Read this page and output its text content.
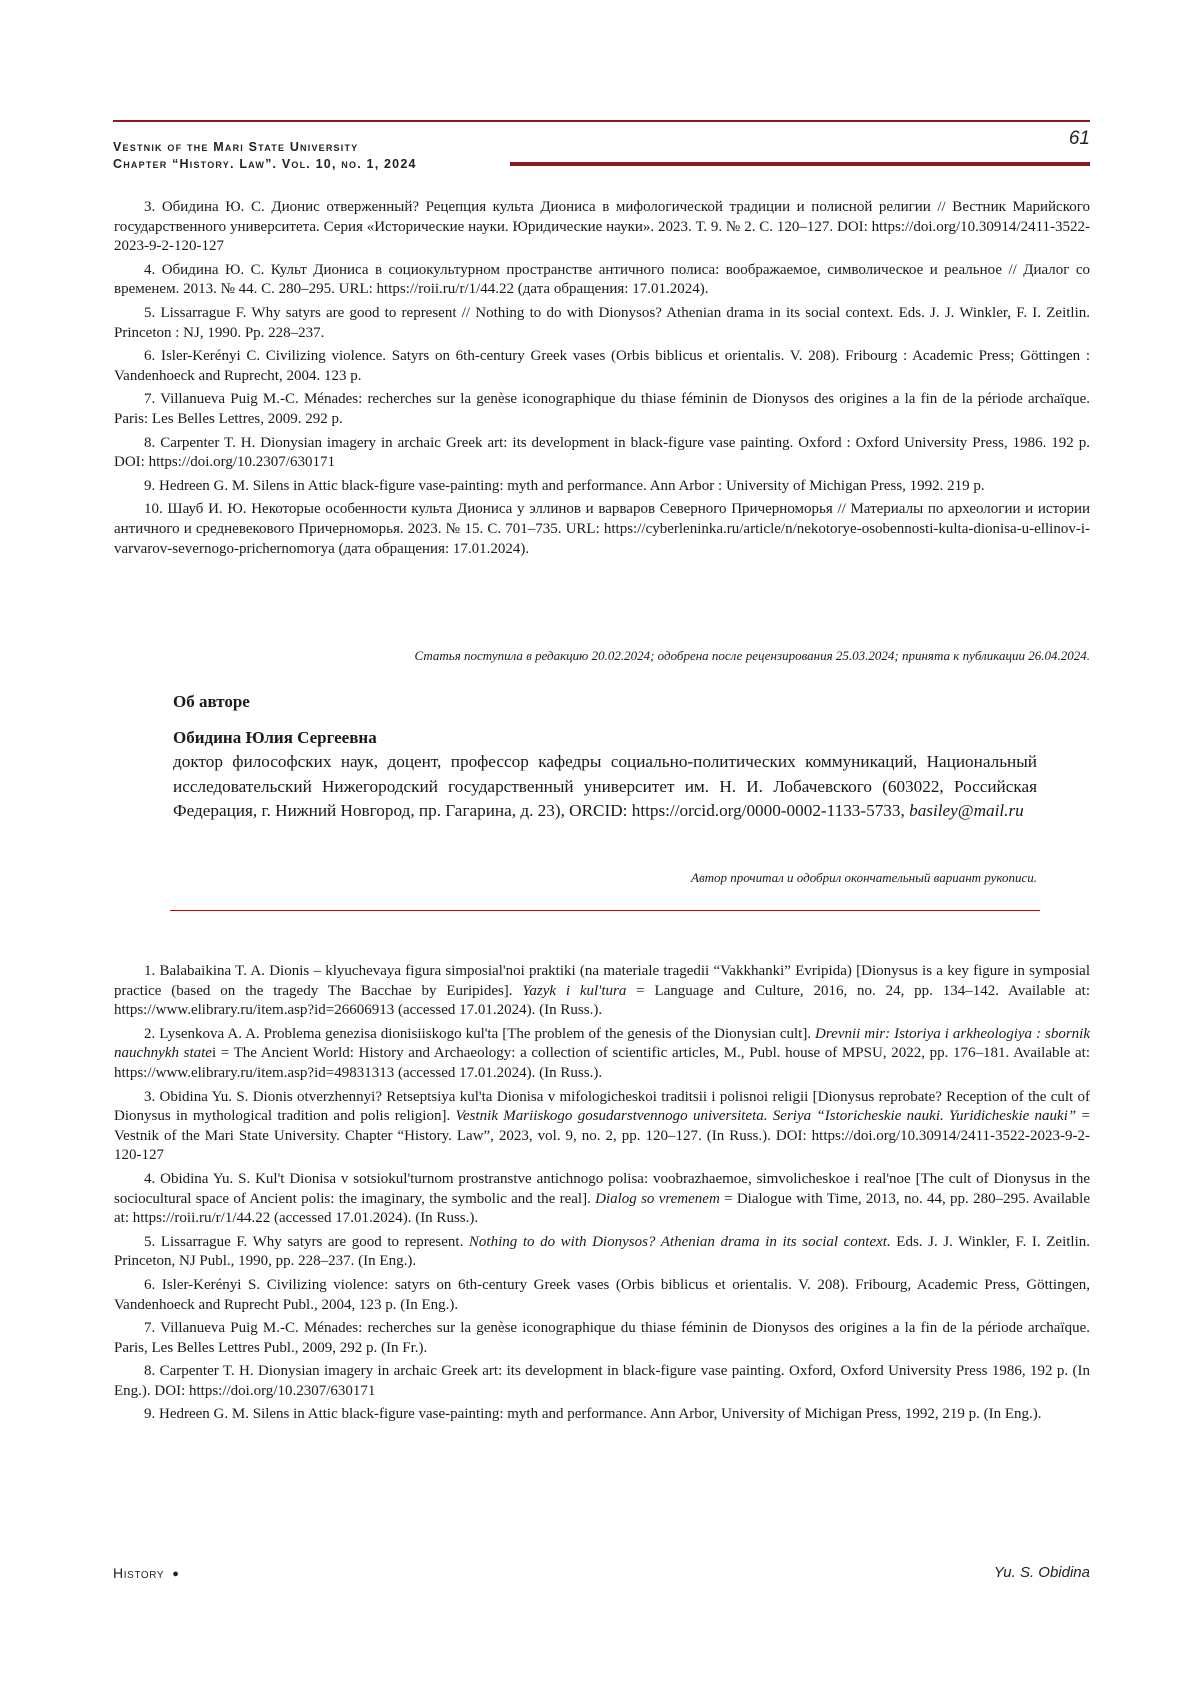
Vestnik of the Mari State University
Chapter “History. Law”. Vol. 10, no. 1, 2024
61

3. Обидина Ю. С. Дионис отверженный? Рецепция культа Диониса в мифологической традиции и полисной религии // Вестник Марийского государственного университета. Серия «Исторические науки. Юридические науки». 2023. Т. 9. № 2. С. 120–127. DOI: https://doi.org/10.30914/2411-3522-2023-9-2-120-127

4. Обидина Ю. С. Культ Диониса в социокультурном пространстве античного полиса: воображаемое, символическое и реальное // Диалог со временем. 2013. № 44. С. 280–295. URL: https://roii.ru/r/1/44.22 (дата обращения: 17.01.2024).

5. Lissarrague F. Why satyrs are good to represent // Nothing to do with Dionysos? Athenian drama in its social context. Eds. J. J. Winkler, F. I. Zeitlin. Princeton : NJ, 1990. Pp. 228–237.

6. Isler-Kerényi C. Civilizing violence. Satyrs on 6th-century Greek vases (Orbis biblicus et orientalis. V. 208). Fribourg : Academic Press; Göttingen : Vandenhoeck and Ruprecht, 2004. 123 p.

7. Villanueva Puig M.-C. Ménades: recherches sur la genèse iconographique du thiase féminin de Dionysos des origines a la fin de la période archaïque. Paris: Les Belles Lettres, 2009. 292 p.

8. Carpenter T. H. Dionysian imagery in archaic Greek art: its development in black-figure vase painting. Oxford : Oxford University Press, 1986. 192 p. DOI: https://doi.org/10.2307/630171

9. Hedreen G. M. Silens in Attic black-figure vase-painting: myth and performance. Ann Arbor : University of Michigan Press, 1992. 219 p.

10. Шауб И. Ю. Некоторые особенности культа Диониса у эллинов и варваров Северного Причерноморья // Материалы по археологии и истории античного и средневекового Причерноморья. 2023. № 15. С. 701–735. URL: https://cyberleninka.ru/article/n/nekotorye-osobennosti-kulta-dionisa-u-ellinov-i-varvarov-severnogo-prichernomorya (дата обращения: 17.01.2024).

Статья поступила в редакцию 20.02.2024; одобрена после рецензирования 25.03.2024; принята к публикации 26.04.2024.
Об авторе
Обидина Юлия Сергеевна
доктор философских наук, доцент, профессор кафедры социально-политических коммуникаций, Национальный исследовательский Нижегородский государственный университет им. Н. И. Лобачевского (603022, Российская Федерация, г. Нижний Новгород, пр. Гагарина, д. 23), ORCID: https://orcid.org/0000-0002-1133-5733, basiley@mail.ru
Автор прочитал и одобрил окончательный вариант рукописи.

1. Balabaikina T. A. Dionis – klyuchevaya figura simposial'noi praktiki (na materiale tragedii “Vakkhanki” Evripida) [Dionysus is a key figure in symposial practice (based on the tragedy The Bacchae by Euripides]. Yazyk i kul'tura = Language and Culture, 2016, no. 24, pp. 134–142. Available at: https://www.elibrary.ru/item.asp?id=26606913 (accessed 17.01.2024). (In Russ.).

2. Lysenkova A. A. Problema genezisa dionisiiskogo kul'ta [The problem of the genesis of the Dionysian cult]. Drevnii mir: Istoriya i arkheologiya : sbornik nauchnykh statei = The Ancient World: History and Archaeology: a collection of scientific articles, M., Publ. house of MPSU, 2022, pp. 176–181. Available at: https://www.elibrary.ru/item.asp?id=49831313 (accessed 17.01.2024). (In Russ.).

3. Obidina Yu. S. Dionis otverzhennyi? Retseptsiya kul'ta Dionisa v mifologicheskoi traditsii i polisnoi religii [Dionysus reprobate? Reception of the cult of Dionysus in mythological tradition and polis religion]. Vestnik Mariiskogo gosudarstvennogo universiteta. Seriya “Istoricheskie nauki. Yuridicheskie nauki” = Vestnik of the Mari State University. Chapter “History. Law”, 2023, vol. 9, no. 2, pp. 120–127. (In Russ.). DOI: https://doi.org/10.30914/2411-3522-2023-9-2-120-127

4. Obidina Yu. S. Kul't Dionisa v sotsiokul'turnom prostranstve antichnogo polisa: voobrazhaemoe, simvolicheskoe i real'noe [The cult of Dionysus in the sociocultural space of Ancient polis: the imaginary, the symbolic and the real]. Dialog so vremenem = Dialogue with Time, 2013, no. 44, pp. 280–295. Available at: https://roii.ru/r/1/44.22 (accessed 17.01.2024). (In Russ.).

5. Lissarrague F. Why satyrs are good to represent. Nothing to do with Dionysos? Athenian drama in its social context. Eds. J. J. Winkler, F. I. Zeitlin. Princeton, NJ Publ., 1990, pp. 228–237. (In Eng.).

6. Isler-Kerényi S. Civilizing violence: satyrs on 6th-century Greek vases (Orbis biblicus et orientalis. V. 208). Fribourg, Academic Press, Göttingen, Vandenhoeck and Ruprecht Publ., 2004, 123 p. (In Eng.).

7. Villanueva Puig M.-C. Ménades: recherches sur la genèse iconographique du thiase féminin de Dionysos des origines a la fin de la période archaïque. Paris, Les Belles Lettres Publ., 2009, 292 p. (In Fr.).

8. Carpenter T. H. Dionysian imagery in archaic Greek art: its development in black-figure vase painting. Oxford, Oxford University Press 1986, 192 p. (In Eng.). DOI: https://doi.org/10.2307/630171

9. Hedreen G. M. Silens in Attic black-figure vase-painting: myth and performance. Ann Arbor, University of Michigan Press, 1992, 219 p. (In Eng.).

History ●	Yu. S. Obidina
